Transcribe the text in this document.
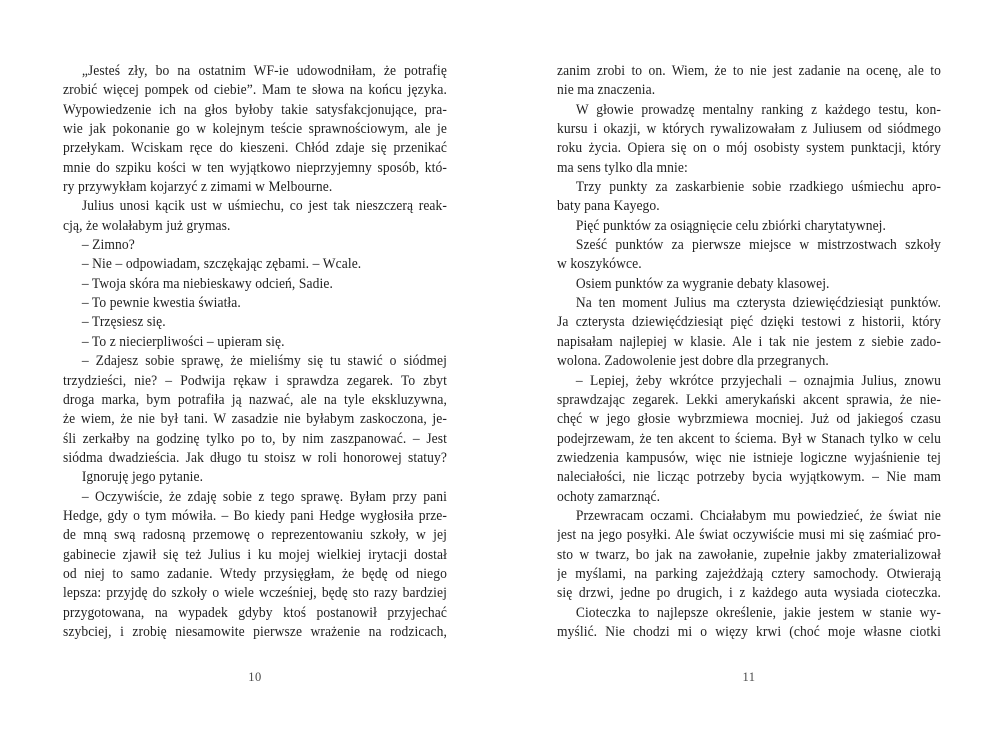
„Jesteś zły, bo na ostatnim WF-ie udowodniłam, że potrafię
zrobić więcej pompek od ciebie”. Mam te słowa na końcu języka.
Wypowiedzenie ich na głos byłoby takie satysfakcjonujące, pra-
wie jak pokonanie go w kolejnym teście sprawnościowym, ale je
przełykam. Wciskam ręce do kieszeni. Chłód zdaje się przenikać
mnie do szpiku kości w ten wyjątkowo nieprzyjemny sposób, któ-
ry przywykłam kojarzyć z zimami w Melbourne.
Julius unosi kącik ust w uśmiechu, co jest tak nieszczerą reak-
cją, że wolałabym już grymas.
– Zimno?
– Nie – odpowiadam, szczękając zębami. – Wcale.
– Twoja skóra ma niebieskawy odcień, Sadie.
– To pewnie kwestia światła.
– Trzęsiesz się.
– To z niecierpliwości – upieram się.
– Zdajesz sobie sprawę, że mieliśmy się tu stawić o siódmej
trzydzieści, nie? – Podwija rękaw i sprawdza zegarek. To zbyt
droga marka, bym potrafiła ją nazwać, ale na tyle ekskluzywna,
że wiem, że nie był tani. W zasadzie nie byłabym zaskoczona, je-
śli zerkałby na godzinę tylko po to, by nim zaszpanować. – Jest
siódma dwadzieścia. Jak długo tu stoisz w roli honorowej statuy?
Ignoruję jego pytanie.
– Oczywiście, że zdaję sobie z tego sprawę. Byłam przy pani
Hedge, gdy o tym mówiła. – Bo kiedy pani Hedge wygłosiła prze-
de mną swą radosną przemowę o reprezentowaniu szkoły, w jej
gabinecie zjawił się też Julius i ku mojej wielkiej irytacji dostał
od niej to samo zadanie. Wtedy przysięgłam, że będę od niego
lepsza: przyjdę do szkoły o wiele wcześniej, będę sto razy bardziej
przygotowana, na wypadek gdyby ktoś postanowił przyjechać
szybciej, i zrobię niesamowite pierwsze wrażenie na rodzicach,
10
zanim zrobi to on. Wiem, że to nie jest zadanie na ocenę, ale to
nie ma znaczenia.
W głowie prowadzę mentalny ranking z każdego testu, kon-
kursu i okazji, w których rywalizowałam z Juliusem od siódmego
roku życia. Opiera się on o mój osobisty system punktacji, który
ma sens tylko dla mnie:
Trzy punkty za zaskarbienie sobie rzadkiego uśmiechu apro-
baty pana Kayego.
Pięć punktów za osiągnięcie celu zbiórki charytatywnej.
Sześć punktów za pierwsze miejsce w mistrzostwach szkoły
w koszykówce.
Osiem punktów za wygranie debaty klasowej.
Na ten moment Julius ma czterysta dziewięćdziesiąt punktów.
Ja czterysta dziewięćdziesiąt pięć dzięki testowi z historii, który
napisałam najlepiej w klasie. Ale i tak nie jestem z siebie zado-
wolona. Zadowolenie jest dobre dla przegranych.
– Lepiej, żeby wkrótce przyjechali – oznajmia Julius, znowu
sprawdzając zegarek. Lekki amerykański akcent sprawia, że nie-
chęć w jego głosie wybrzmiewa mocniej. Już od jakiegoś czasu
podejrzewam, że ten akcent to ściema. Był w Stanach tylko w celu
zwiedzenia kampusów, więc nie istnieje logiczne wyjaśnienie tej
naleciałości, nie licząc potrzeby bycia wyjątkowym. – Nie mam
ochoty zamarznąć.
Przewracam oczami. Chciałabym mu powiedzieć, że świat nie
jest na jego posyłki. Ale świat oczywiście musi mi się zaśmiać pro-
sto w twarz, bo jak na zawołanie, zupełnie jakby zmaterializował
je myślami, na parking zajeżdżają cztery samochody. Otwierają
się drzwi, jedne po drugich, i z każdego auta wysiada cioteczka.
Cioteczka to najlepsze określenie, jakie jestem w stanie wy-
myślić. Nie chodzi mi o więzy krwi (choć moje własne ciotki
11
